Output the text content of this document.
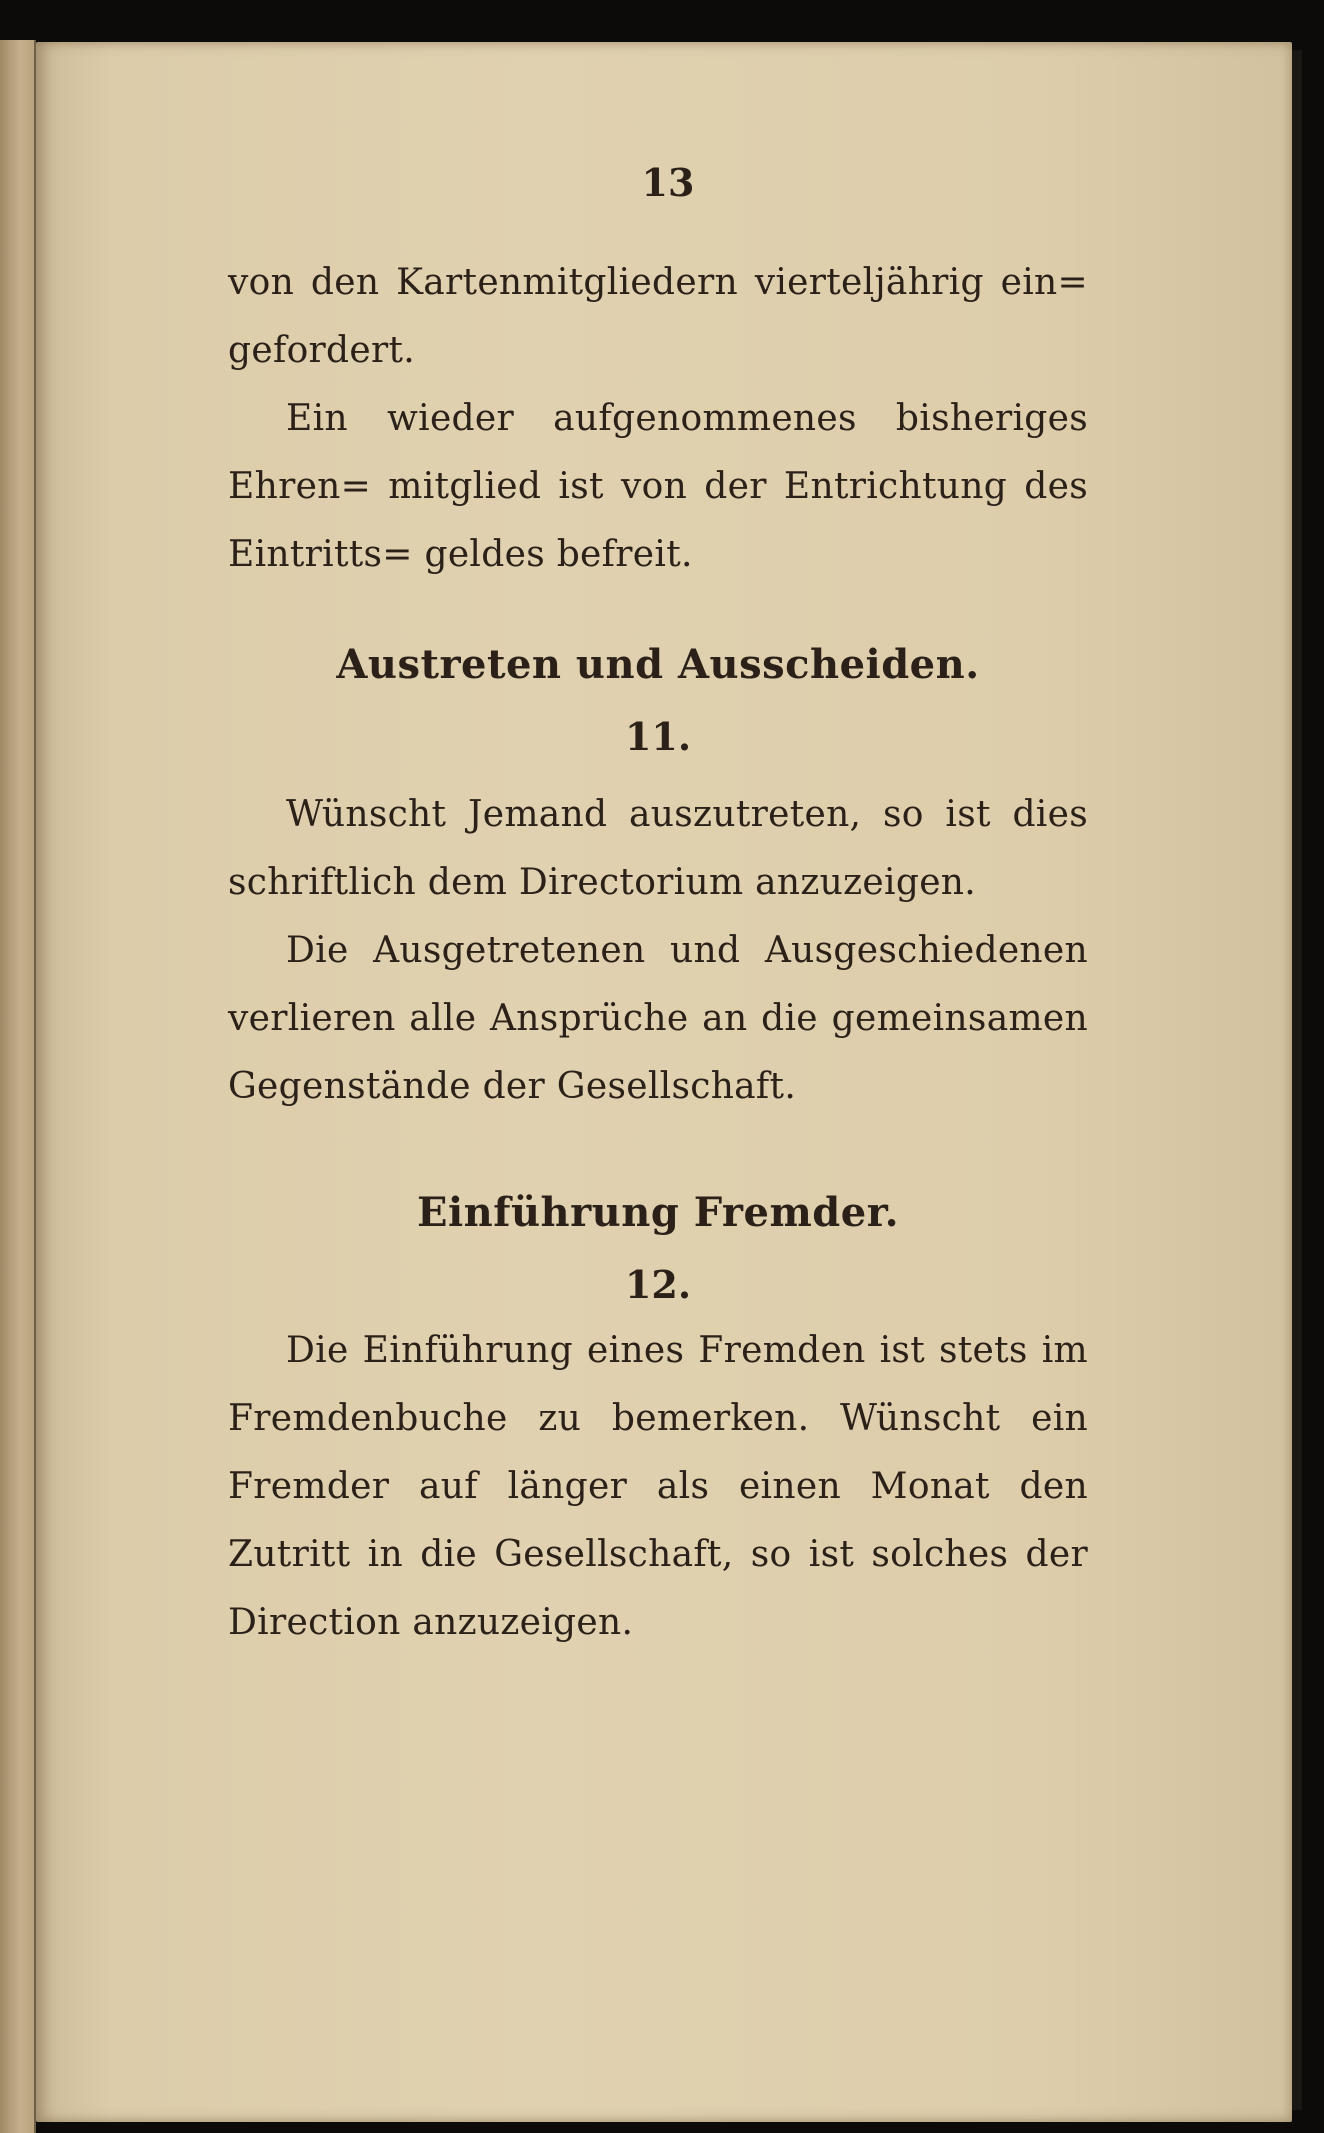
13

von den Kartenmitgliedern vierteljährig ein= gefordert.

Ein wieder aufgenommenes bisheriges Ehren= mitglied ist von der Entrichtung des Eintritts= geldes befreit.

Austreten und Ausscheiden.

11.

Wünscht Jemand auszutreten, so ist dies schriftlich dem Directorium anzuzeigen.

Die Ausgetretenen und Ausgeschiedenen verlieren alle Ansprüche an die gemeinsamen Gegenstände der Gesellschaft.

Einführung Fremder.

12.

Die Einführung eines Fremden ist stets im Fremdenbuche zu bemerken. Wünscht ein Fremder auf länger als einen Monat den Zutritt in die Gesellschaft, so ist solches der Direction anzuzeigen.
